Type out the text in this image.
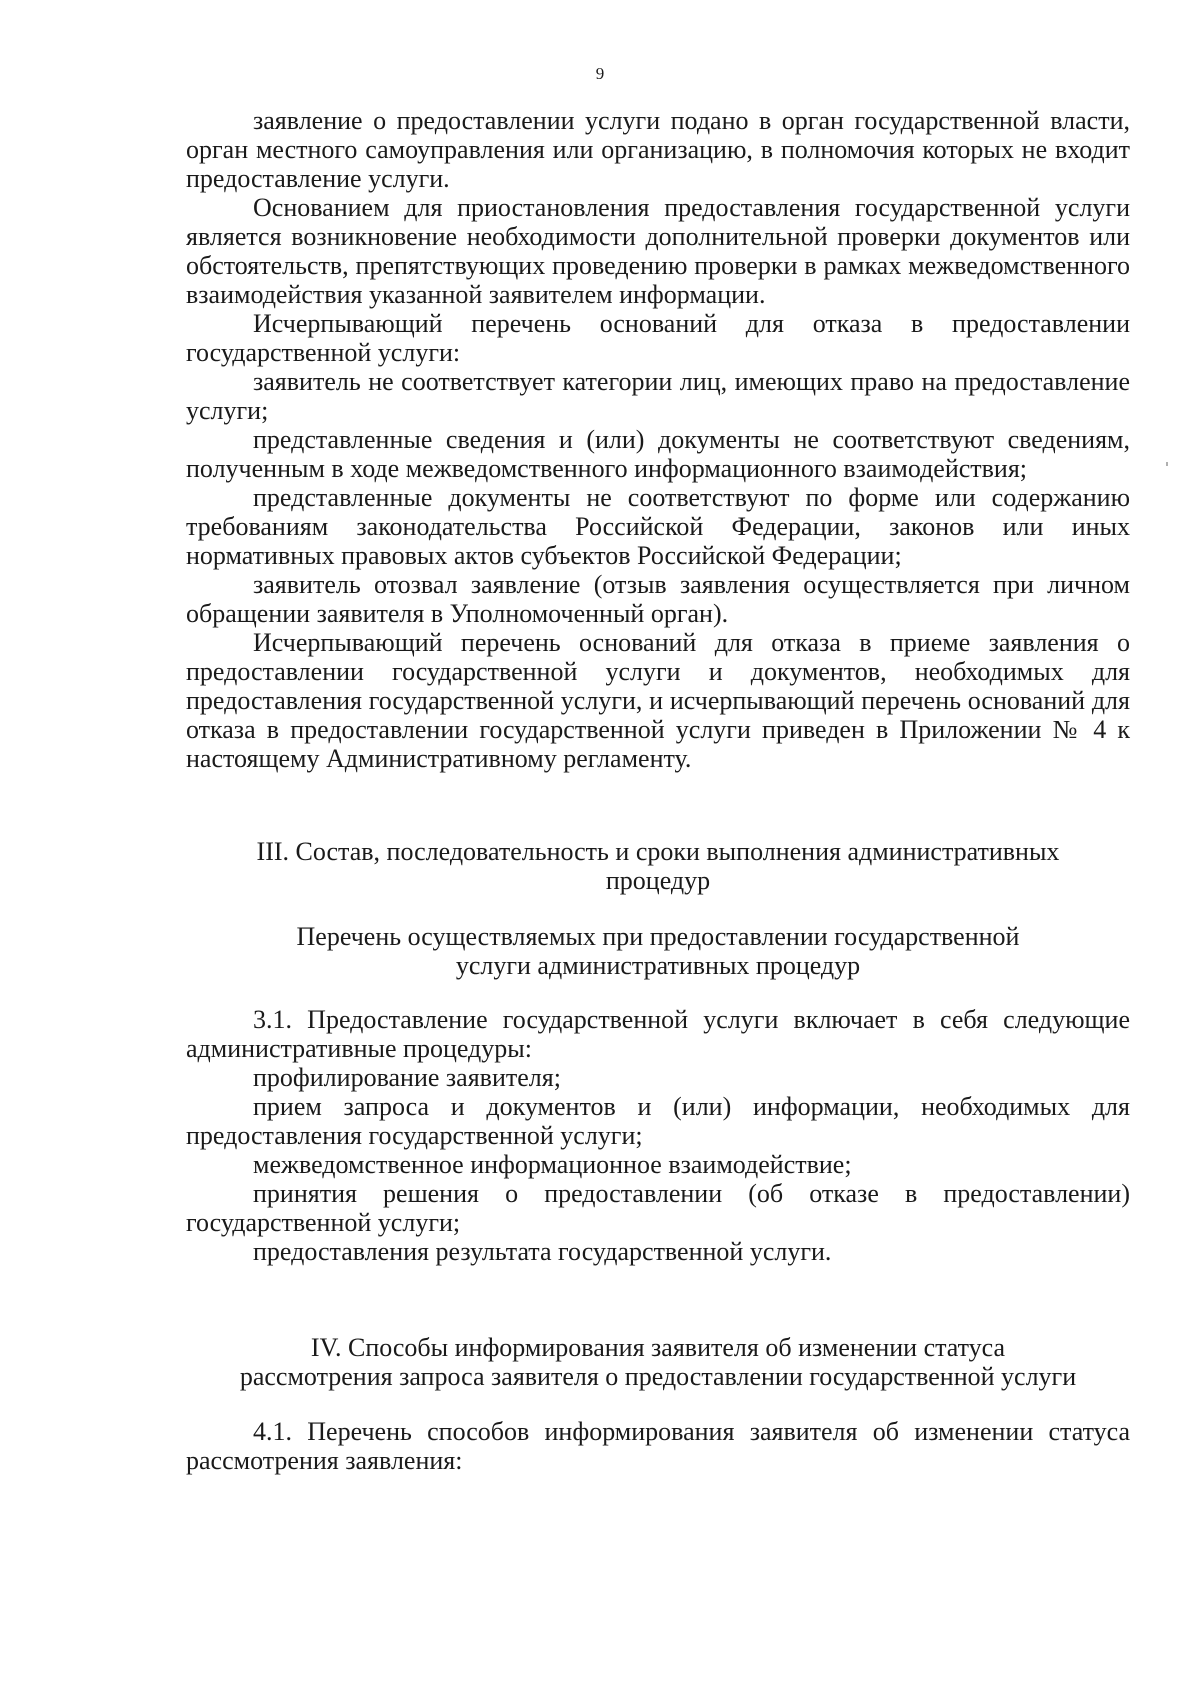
9

заявление о предоставлении услуги подано в орган государственной власти, орган местного самоуправления или организацию, в полномочия которых не входит предоставление услуги.

Основанием для приостановления предоставления государственной услуги является возникновение необходимости дополнительной проверки документов или обстоятельств, препятствующих проведению проверки в рамках межведомственного взаимодействия указанной заявителем информации.

Исчерпывающий перечень оснований для отказа в предоставлении государственной услуги:

заявитель не соответствует категории лиц, имеющих право на предоставление услуги;

представленные сведения и (или) документы не соответствуют сведениям, полученным в ходе межведомственного информационного взаимодействия;

представленные документы не соответствуют по форме или содержанию требованиям законодательства Российской Федерации, законов или иных нормативных правовых актов субъектов Российской Федерации;

заявитель отозвал заявление (отзыв заявления осуществляется при личном обращении заявителя в Уполномоченный орган).

Исчерпывающий перечень оснований для отказа в приеме заявления о предоставлении государственной услуги и документов, необходимых для предоставления государственной услуги, и исчерпывающий перечень оснований для отказа в предоставлении государственной услуги приведен в Приложении № 4 к настоящему Административному регламенту.

III. Состав, последовательность и сроки выполнения административных
процедур
Перечень осуществляемых при предоставлении государственной
услуги административных процедур

3.1. Предоставление государственной услуги включает в себя следующие административные процедуры:

профилирование заявителя;

прием запроса и документов и (или) информации, необходимых для предоставления государственной услуги;

межведомственное информационное взаимодействие;

принятия решения о предоставлении (об отказе в предоставлении) государственной услуги;

предоставления результата государственной услуги.

IV. Способы информирования заявителя об изменении статуса
рассмотрения запроса заявителя о предоставлении государственной услуги

4.1. Перечень способов информирования заявителя об изменении статуса рассмотрения заявления:
